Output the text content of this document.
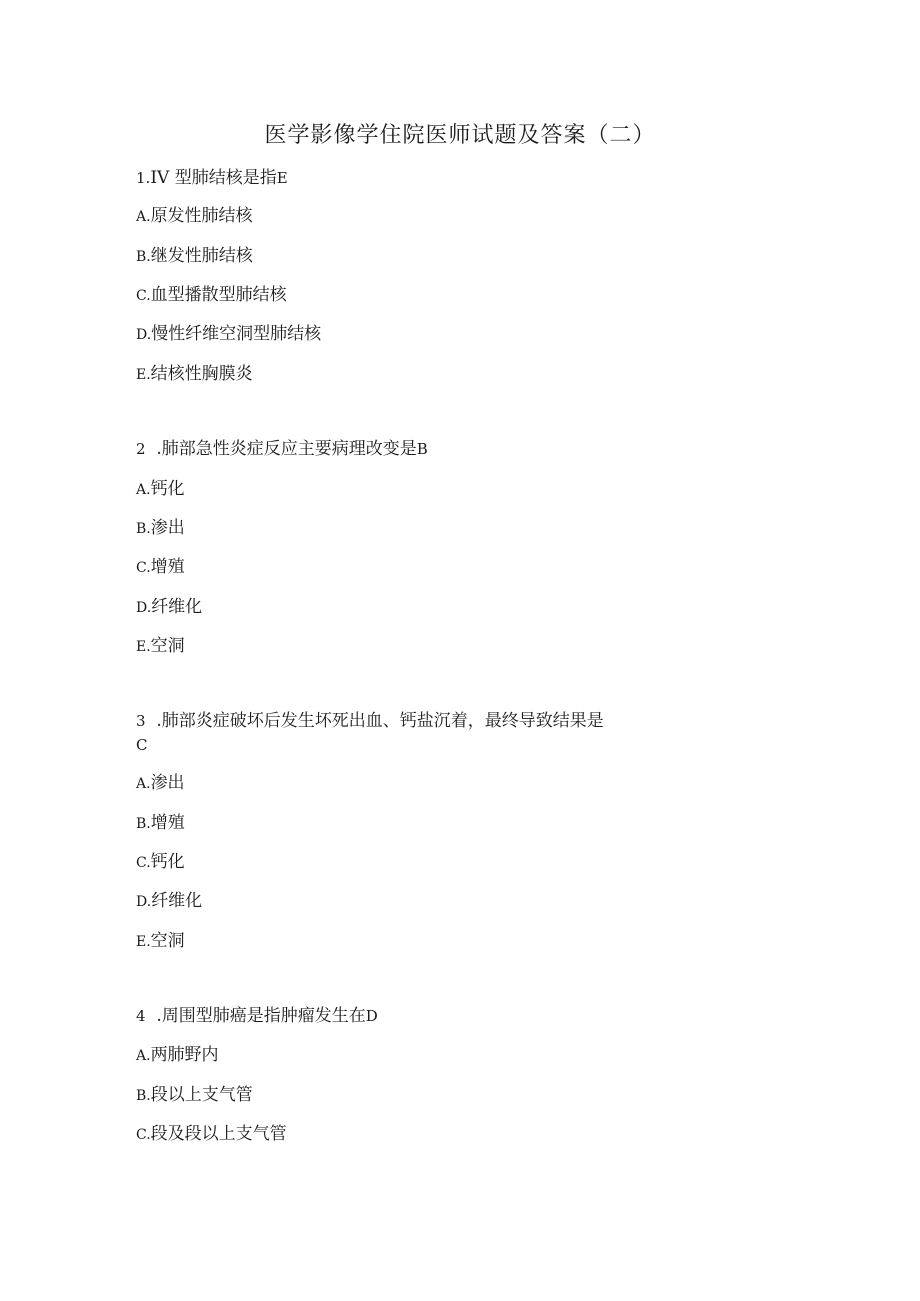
医学影像学住院医师试题及答案（二）
1.IV 型肺结核是指E
A.原发性肺结核
B.继发性肺结核
C.血型播散型肺结核
D.慢性纤维空洞型肺结核
E.结核性胸膜炎
2 .肺部急性炎症反应主要病理改变是B
A.钙化
B.渗出
C.增殖
D.纤维化
E.空洞
3 .肺部炎症破坏后发生坏死出血、钙盐沉着，最终导致结果是
C
A.渗出
B.增殖
C.钙化
D.纤维化
E.空洞
4 .周围型肺癌是指肿瘤发生在D
A.两肺野内
B.段以上支气管
C.段及段以上支气管
